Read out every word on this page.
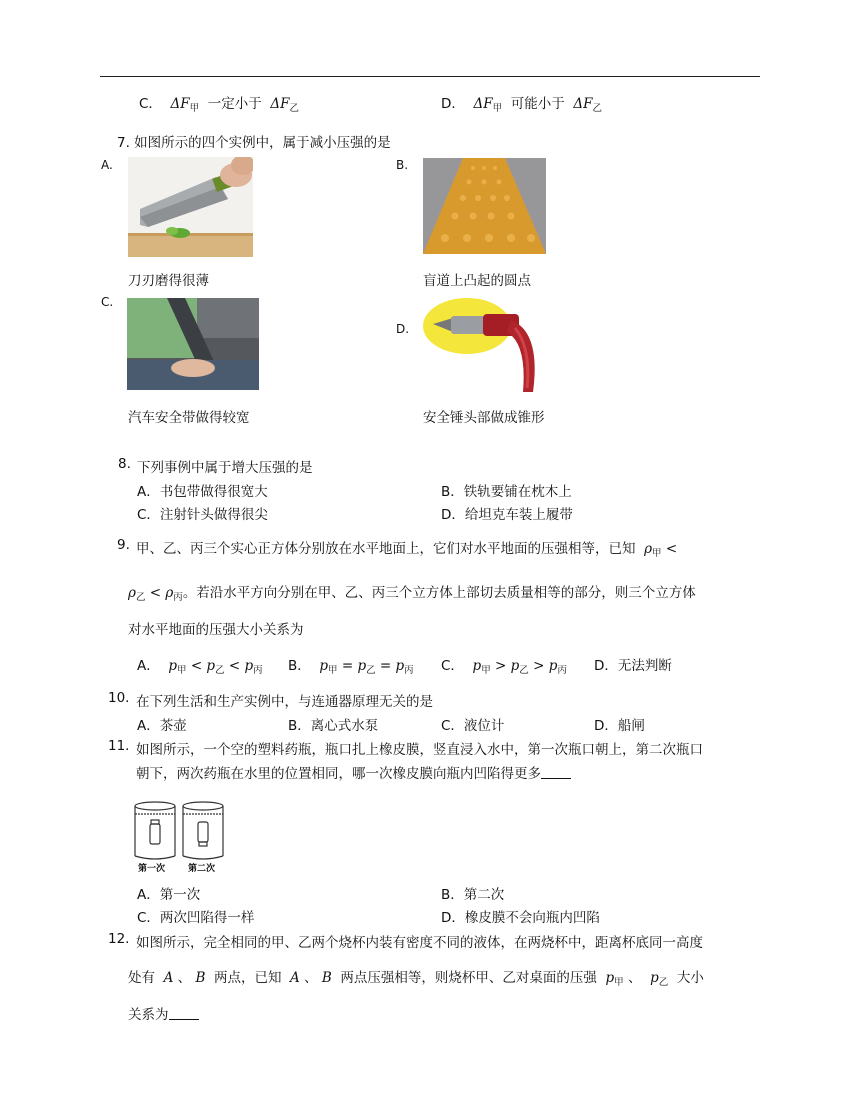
C． $\Delta F_甲$ 一定小于 $\Delta F_乙$	D． $\Delta F_甲$ 可能小于 $\Delta F_乙$
7. 如图所示的四个实例中，属于减小压强的是
A.
刀刃磨得很薄
B.
盲道上凸起的圆点
C.
汽车安全带做得较宽
D.
安全锤头部做成锥形
8. 下列事例中属于增大压强的是
A．书包带做得很宽大	B．铁轨要铺在枕木上
C．注射针头做得很尖	D．给坦克车装上履带
9. 甲、乙、丙三个实心正方体分别放在水平地面上，它们对水平地面的压强相等，已知 $\rho_甲$ <
$\rho_乙 < \rho_丙$。若沿水平方向分别在甲、乙、丙三个立方体上部切去质量相等的部分，则三个立方体
对水平地面的压强大小关系为
A． $p_甲 < p_乙 < p_丙$ B． $p_甲 = p_乙 = p_丙$ C． $p_甲 > p_乙 > p_丙$ D．无法判断
10. 在下列生活和生产实例中，与连通器原理无关的是
A．茶壶	B．离心式水泵	C．液位计	D．船闸
11. 如图所示，一个空的塑料药瓶，瓶口扎上橡皮膜，竖直浸入水中，第一次瓶口朝上，第二次瓶口
朝下，两次药瓶在水里的位置相同，哪一次橡皮膜向瓶内凹陷得更多
第一次	第二次
A．第一次	B．第二次
C．两次凹陷得一样	D．橡皮膜不会向瓶内凹陷
12. 如图所示，完全相同的甲、乙两个烧杯内装有密度不同的液体，在两烧杯中，距离杯底同一高度
处有 A 、 B 两点，已知 A 、 B 两点压强相等，则烧杯甲、乙对桌面的压强 $p_甲$ 、 $p_乙$ 大小
关系为
